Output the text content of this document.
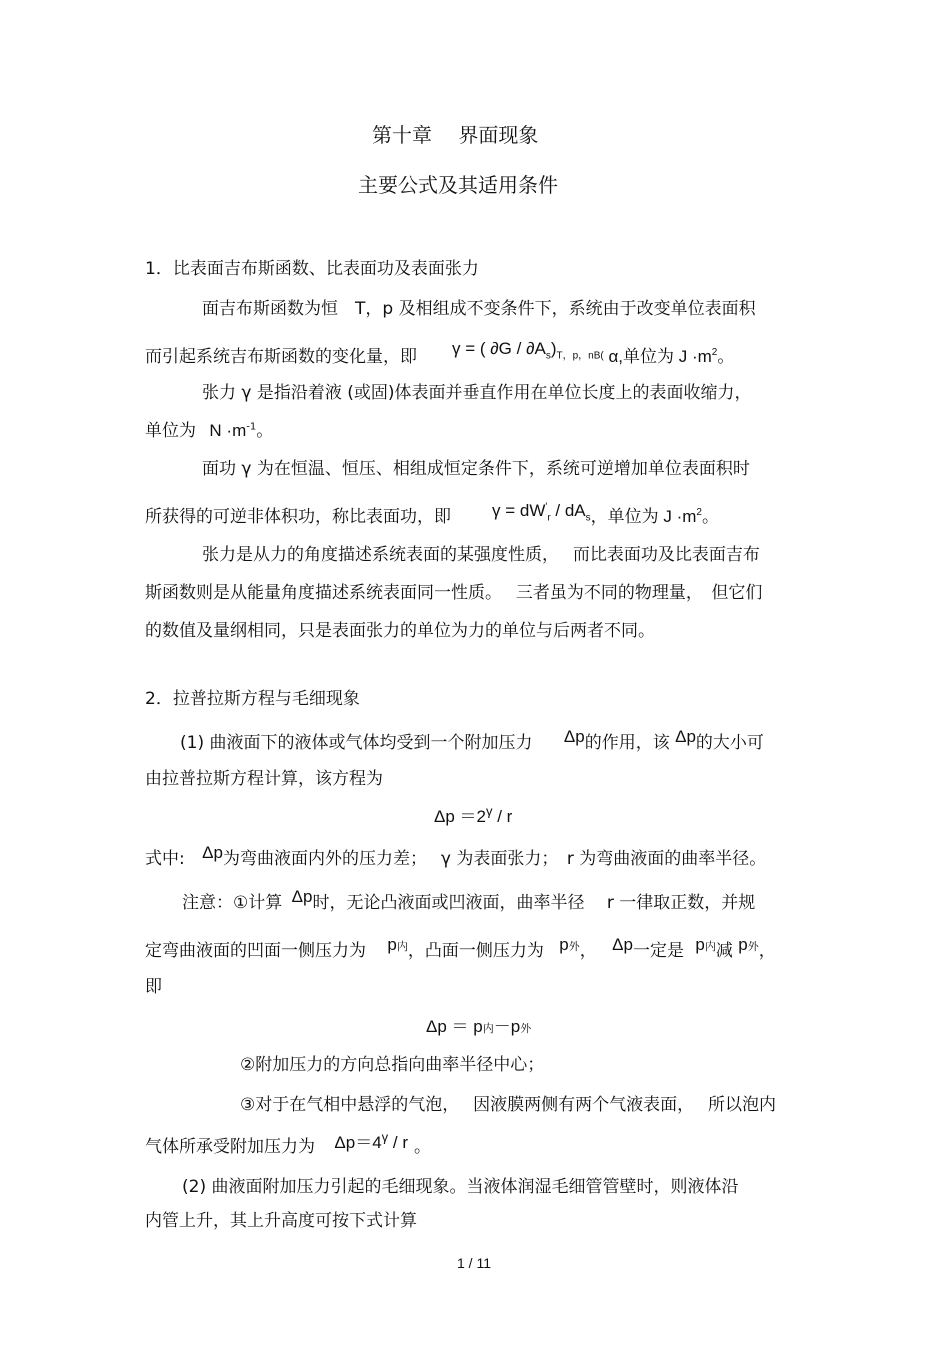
第十章　 界面现象
主要公式及其适用条件
1．比表面吉布斯函数、比表面功及表面张力
面吉布斯函数为恒　T，p 及相组成不变条件下，系统由于改变单位表面积
而引起系统吉布斯函数的变化量，即 γ = ( $\partial G / \partial A_s)_{T,p,nB(}$ α,单位为 $J \cdot m^2$。
张力 γ 是指沿着液 (或固)体表面并垂直作用在单位长度上的表面收缩力，
单位为 $N \cdot m^{-1}$。
面功 γ 为在恒温、恒压、相组成恒定条件下，系统可逆增加单位表面积时
所获得的可逆非体积功，称比表面功，即 $\gamma = dW'_r / dA_s$，单位为 $J \cdot m^2$。
张力是从力的角度描述系统表面的某强度性质，　 而比表面功及比表面吉布
斯函数则是从能量角度描述系统表面同一性质。　 三者虽为不同的物理量，　但它们
的数值及量纲相同，只是表面张力的单位为力的单位与后两者不同。
2．拉普拉斯方程与毛细现象
(1) 曲液面下的液体或气体均受到一个附加压力 Δp的作用，该 Δp的大小可
由拉普拉斯方程计算，该方程为
$\Delta p =2^\gamma / r$
式中: Δp为弯曲液面内外的压力差；　 γ 为表面张力；　r 为弯曲液面的曲率半径。
注意：①计算 Δp时，无论凸液面或凹液面，曲率半径　 r 一律取正数，并规
定弯曲液面的凹面一侧压力为 p内，凸面一侧压力为 p外， Δp一定是 p内减 p外，
即
Δp ＝ p内－p外
②附加压力的方向总指向曲率半径中心；
③对于在气相中悬浮的气泡，　 因液膜两侧有两个气液表面，　 所以泡内
气体所承受附加压力为 $\Delta p=4^\gamma / r$ 。
(2) 曲液面附加压力引起的毛细现象。当液体润湿毛细管管壁时，则液体沿
内管上升，其上升高度可按下式计算
1 / 11
